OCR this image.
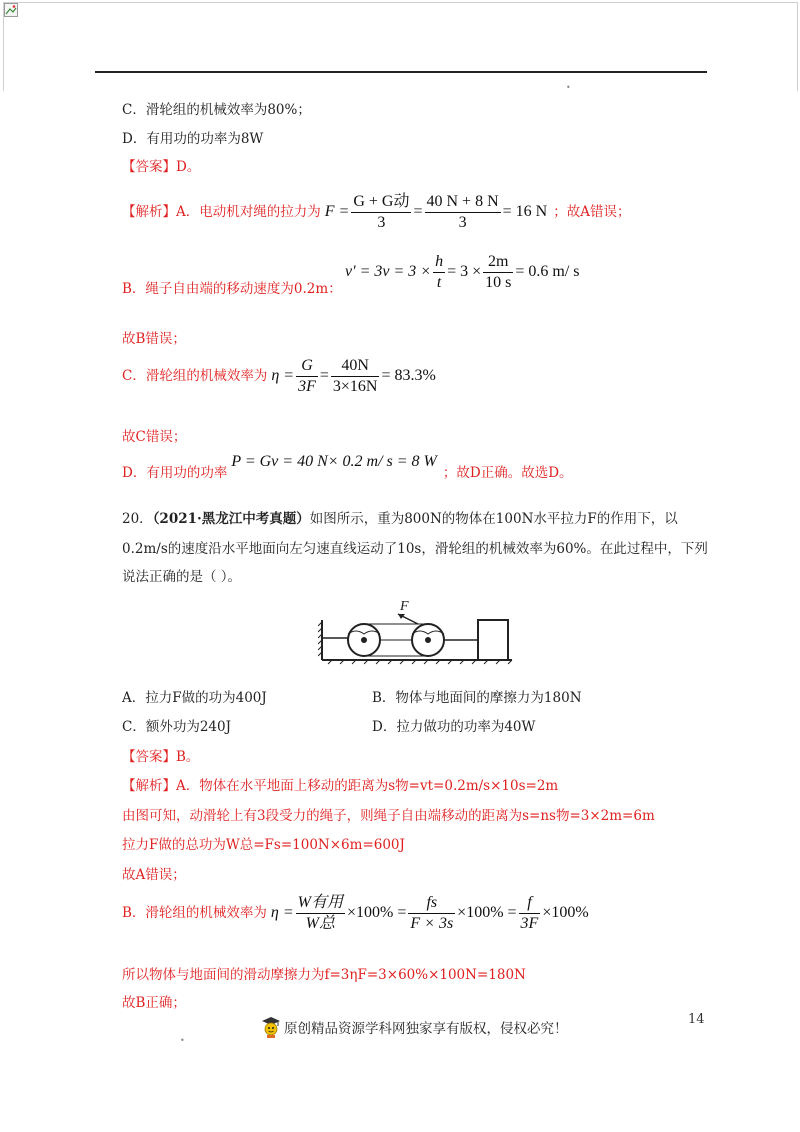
•
C．滑轮组的机械效率为80%；
D．有用功的功率为8W
【答案】D。
【解析】A．电动机对绳的拉力为 $F = \frac{\text{G + G动}}{3} = \frac{40 N + 8 N}{3} = 16$ N ；故A错误；
$v' = 3v = 3 \times \frac{h}{t} = 3 \times \frac{2m}{10 s} = 0.6$ m/ s
B．绳子自由端的移动速度为0.2m：
故B错误；
C．滑轮组的机械效率为 $\eta = \frac{G}{3F} = \frac{40N}{3\times 16N} = 83.3\%$
故C错误；
D．有用功的功率
P = Gv = 40 N× 0.2 m/ s = 8 W
；故D正确。故选D。
20．（2021·黑龙江中考真题）如图所示，重为800N的物体在100N水平拉力F的作用下，以
0.2m/s的速度沿水平地面向左匀速直线运动了10s，滑轮组的机械效率为60%。在此过程中，下列
说法正确的是（ ）。
F
A．拉力F做的功为400J	B．物体与地面间的摩擦力为180N
C．额外功为240J	D．拉力做功的功率为40W
【答案】B。
【解析】A．物体在水平地面上移动的距离为s物=vt=0.2m/s×10s=2m
由图可知，动滑轮上有3段受力的绳子，则绳子自由端移动的距离为s=ns物=3×2m=6m
拉力F做的总功为W总=Fs=100N×6m=600J
故A错误；
B．滑轮组的机械效率为 $\eta = \frac{\text{W有用}}{\text{W总}} \times 100\% = \frac{fs}{F \times 3s} \times 100\% = \frac{f}{3F} \times 100\%$
所以物体与地面间的滑动摩擦力为f=3ηF=3×60%×100N=180N
故B正确；
14
•
原创精品资源学科网独家享有版权，侵权必究！
